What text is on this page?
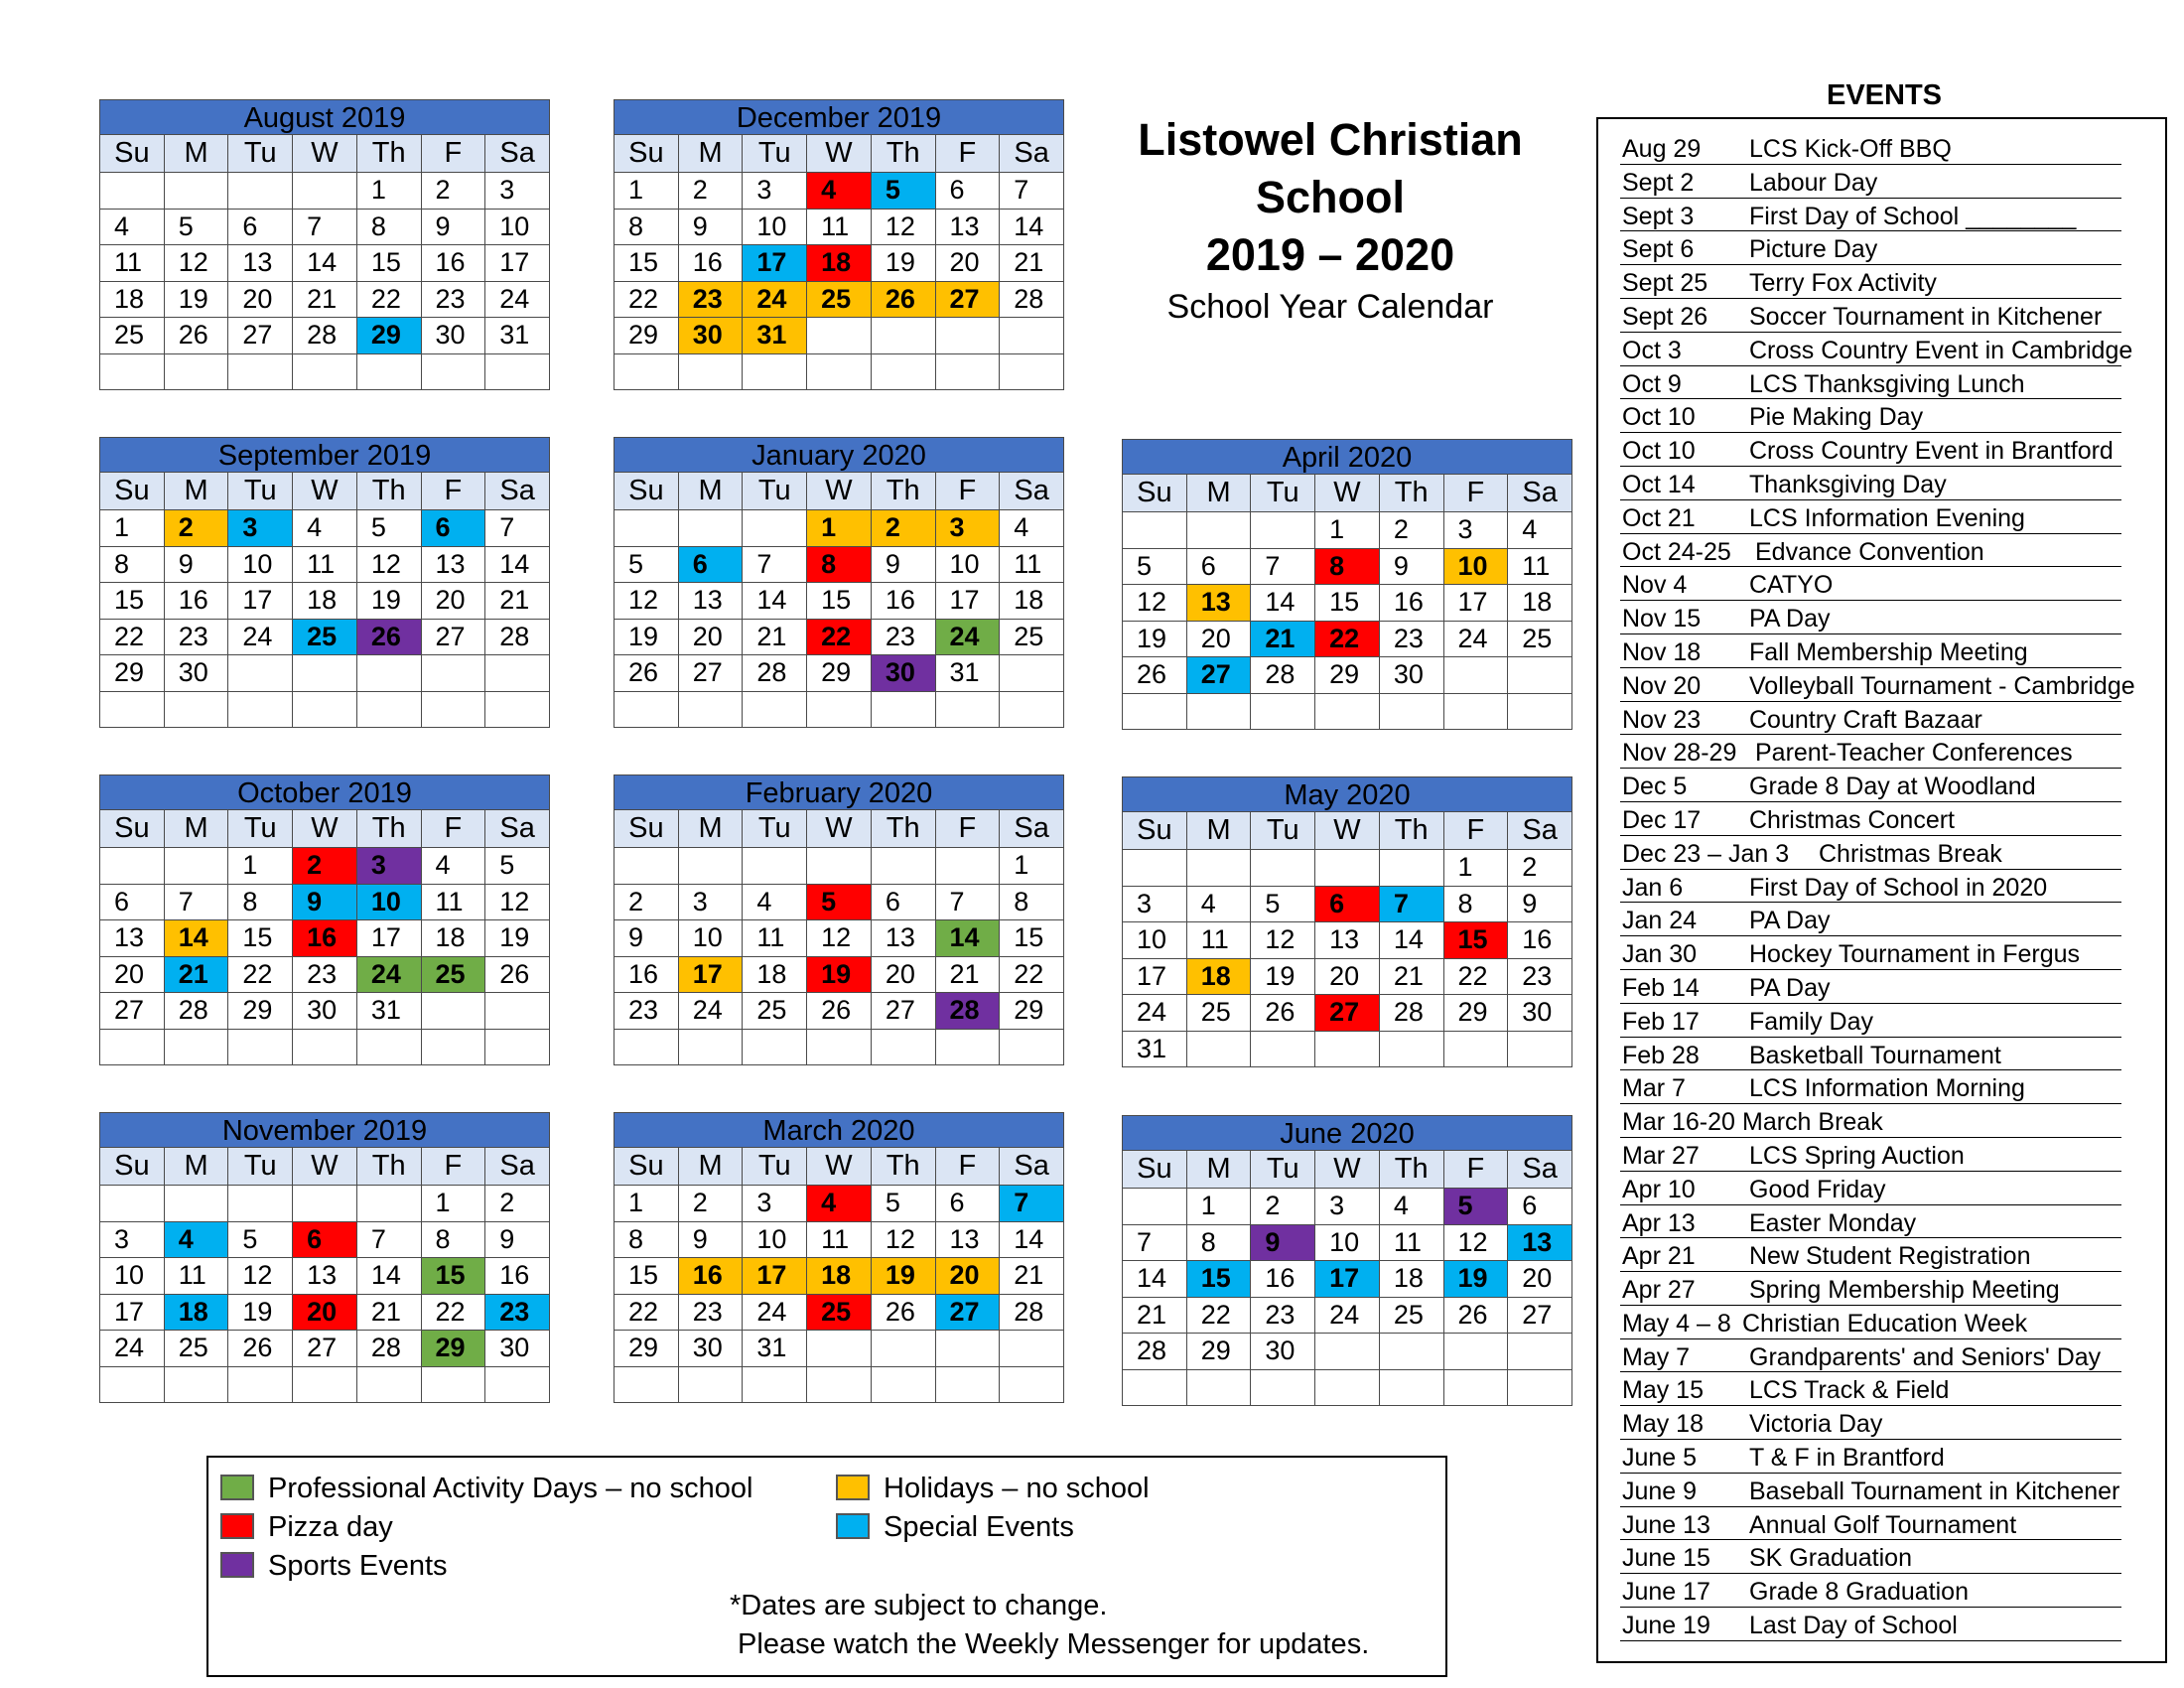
August 2019
Su	M	Tu	W	Th	F	Sa
				1	2	3
4	5	6	7	8	9	10
11	12	13	14	15	16	17
18	19	20	21	22	23	24
25	26	27	28	29	30	31

September 2019
Su	M	Tu	W	Th	F	Sa
1	2	3	4	5	6	7
8	9	10	11	12	13	14
15	16	17	18	19	20	21
22	23	24	25	26	27	28
29	30					

October 2019
Su	M	Tu	W	Th	F	Sa
		1	2	3	4	5
6	7	8	9	10	11	12
13	14	15	16	17	18	19
20	21	22	23	24	25	26
27	28	29	30	31		

November 2019
Su	M	Tu	W	Th	F	Sa
					1	2
3	4	5	6	7	8	9
10	11	12	13	14	15	16
17	18	19	20	21	22	23
24	25	26	27	28	29	30

December 2019
Su	M	Tu	W	Th	F	Sa
1	2	3	4	5	6	7
8	9	10	11	12	13	14
15	16	17	18	19	20	21
22	23	24	25	26	27	28
29	30	31				

January 2020
Su	M	Tu	W	Th	F	Sa
			1	2	3	4
5	6	7	8	9	10	11
12	13	14	15	16	17	18
19	20	21	22	23	24	25
26	27	28	29	30	31	

February 2020
Su	M	Tu	W	Th	F	Sa
						1
2	3	4	5	6	7	8
9	10	11	12	13	14	15
16	17	18	19	20	21	22
23	24	25	26	27	28	29

March 2020
Su	M	Tu	W	Th	F	Sa
1	2	3	4	5	6	7
8	9	10	11	12	13	14
15	16	17	18	19	20	21
22	23	24	25	26	27	28
29	30	31				

April 2020
Su	M	Tu	W	Th	F	Sa
			1	2	3	4
5	6	7	8	9	10	11
12	13	14	15	16	17	18
19	20	21	22	23	24	25
26	27	28	29	30		

May 2020
Su	M	Tu	W	Th	F	Sa
					1	2
3	4	5	6	7	8	9
10	11	12	13	14	15	16
17	18	19	20	21	22	23
24	25	26	27	28	29	30
31						
June 2020
Su	M	Tu	W	Th	F	Sa
	1	2	3	4	5	6
7	8	9	10	11	12	13
14	15	16	17	18	19	20
21	22	23	24	25	26	27
28	29	30				

Listowel Christian
School
2019 – 2020
School Year Calendar
Professional Activity Days – no school
Pizza day
Sports Events
Holidays – no school
Special Events
*Dates are subject to change.
Please watch the Weekly Messenger for updates.
EVENTS
Aug 29 LCS Kick-Off BBQ
Sept 2 Labour Day
Sept 3 First Day of School ________
Sept 6 Picture Day
Sept 25 Terry Fox Activity
Sept 26 Soccer Tournament in Kitchener
Oct 3	Cross Country Event in Cambridge
Oct 9	LCS Thanksgiving Lunch
Oct 10 Pie Making Day
Oct 10 Cross Country Event in Brantford
Oct 14 Thanksgiving Day
Oct 21 LCS Information Evening
Oct 24-25 Edvance Convention
Nov 4	CATYO
Nov 15 PA Day
Nov 18 Fall Membership Meeting
Nov 20 Volleyball Tournament - Cambridge
Nov 23 Country Craft Bazaar
Nov 28-29 Parent-Teacher Conferences
Dec 5	Grade 8 Day at Woodland
Dec 17 Christmas Concert
Dec 23 – Jan 3 Christmas Break
Jan 6	First Day of School in 2020
Jan 24 PA Day
Jan 30 Hockey Tournament in Fergus
Feb 14 PA Day
Feb 17 Family Day
Feb 28 Basketball Tournament
Mar 7	LCS Information Morning
Mar 16-20 March Break
Mar 27 LCS Spring Auction
Apr 10 Good Friday
Apr 13 Easter Monday
Apr 21 New Student Registration
Apr 27 Spring Membership Meeting
May 4 – 8 Christian Education Week
May 7 Grandparents' and Seniors' Day
May 15 LCS Track & Field
May 18 Victoria Day
June 5 T & F in Brantford
June 9 Baseball Tournament in Kitchener
June 13 Annual Golf Tournament
June 15 SK Graduation
June 17 Grade 8 Graduation
June 19 Last Day of School
